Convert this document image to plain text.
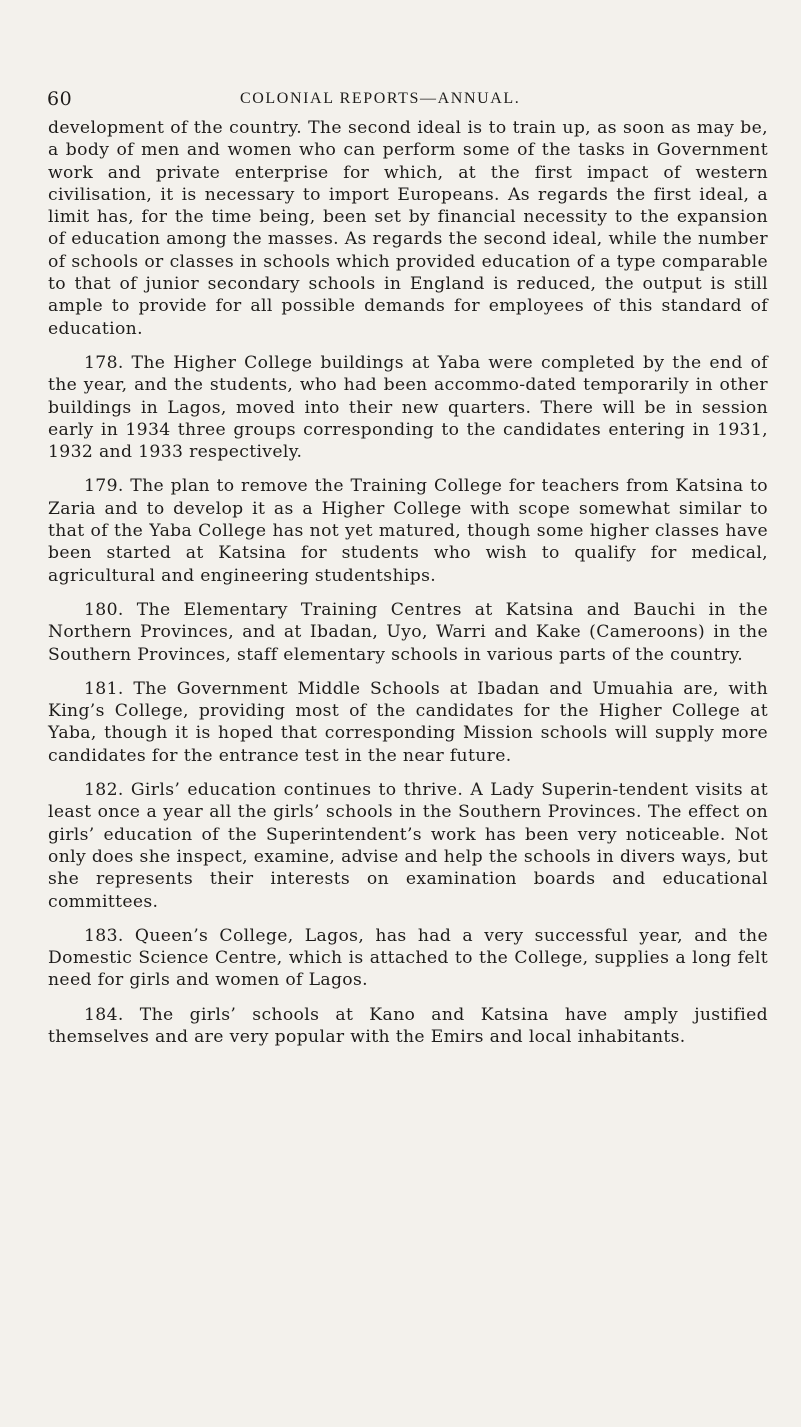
60	COLONIAL REPORTS—ANNUAL.

development of the country. The second ideal is to train up, as soon as may be, a body of men and women who can perform some of the tasks in Government work and private enterprise for which, at the first impact of western civilisation, it is necessary to import Europeans. As regards the first ideal, a limit has, for the time being, been set by financial necessity to the expansion of education among the masses. As regards the second ideal, while the number of schools or classes in schools which provided education of a type comparable to that of junior secondary schools in England is reduced, the output is still ample to provide for all possible demands for employees of this standard of education.

178. The Higher College buildings at Yaba were completed by the end of the year, and the students, who had been accommo-dated temporarily in other buildings in Lagos, moved into their new quarters. There will be in session early in 1934 three groups corresponding to the candidates entering in 1931, 1932 and 1933 respectively.

179. The plan to remove the Training College for teachers from Katsina to Zaria and to develop it as a Higher College with scope somewhat similar to that of the Yaba College has not yet matured, though some higher classes have been started at Katsina for students who wish to qualify for medical, agricultural and engineering studentships.

180. The Elementary Training Centres at Katsina and Bauchi in the Northern Provinces, and at Ibadan, Uyo, Warri and Kake (Cameroons) in the Southern Provinces, staff elementary schools in various parts of the country.

181. The Government Middle Schools at Ibadan and Umuahia are, with King’s College, providing most of the candidates for the Higher College at Yaba, though it is hoped that corresponding Mission schools will supply more candidates for the entrance test in the near future.

182. Girls’ education continues to thrive. A Lady Superin-tendent visits at least once a year all the girls’ schools in the Southern Provinces. The effect on girls’ education of the Superintendent’s work has been very noticeable. Not only does she inspect, examine, advise and help the schools in divers ways, but she represents their interests on examination boards and educational committees.

183. Queen’s College, Lagos, has had a very successful year, and the Domestic Science Centre, which is attached to the College, supplies a long felt need for girls and women of Lagos.

184. The girls’ schools at Kano and Katsina have amply justified themselves and are very popular with the Emirs and local inhabitants.
